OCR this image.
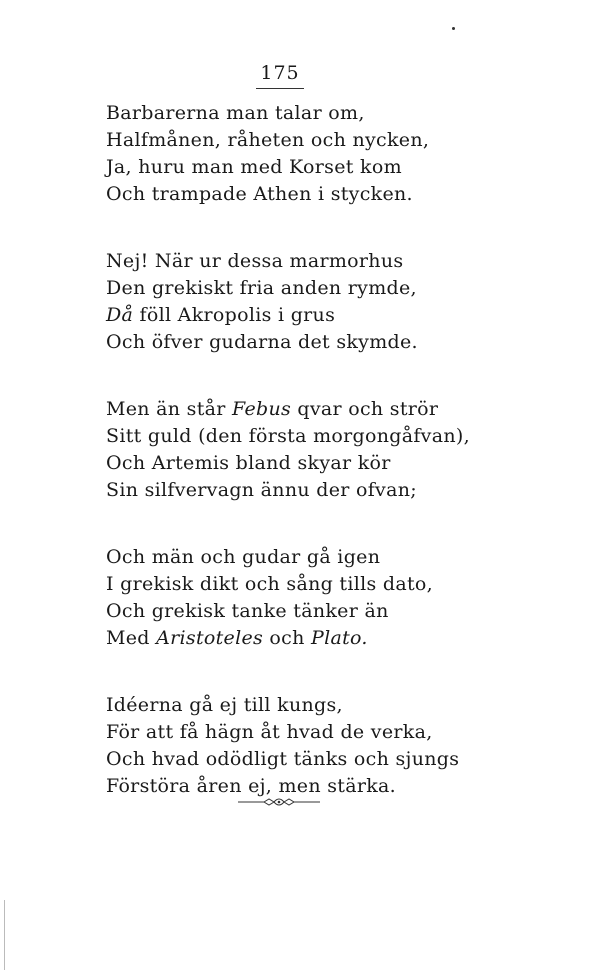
175
Barbarerna man talar om,
Halfmånen, råheten och nycken,
Ja, huru man med Korset kom
Och trampade Athen i stycken.
Nej! När ur dessa marmorhus
Den grekiskt fria anden rymde,
Då föll Akropolis i grus
Och öfver gudarna det skymde.
Men än står Febus qvar och strör
Sitt guld (den första morgongåfvan),
Och Artemis bland skyar kör
Sin silfvervagn ännu der ofvan;
Och män och gudar gå igen
I grekisk dikt och sång tills dato,
Och grekisk tanke tänker än
Med Aristoteles och Plato.
Idéerna gå ej till kungs,
För att få hägn åt hvad de verka,
Och hvad odödligt tänks och sjungs
Förstöra åren ej, men stärka.
